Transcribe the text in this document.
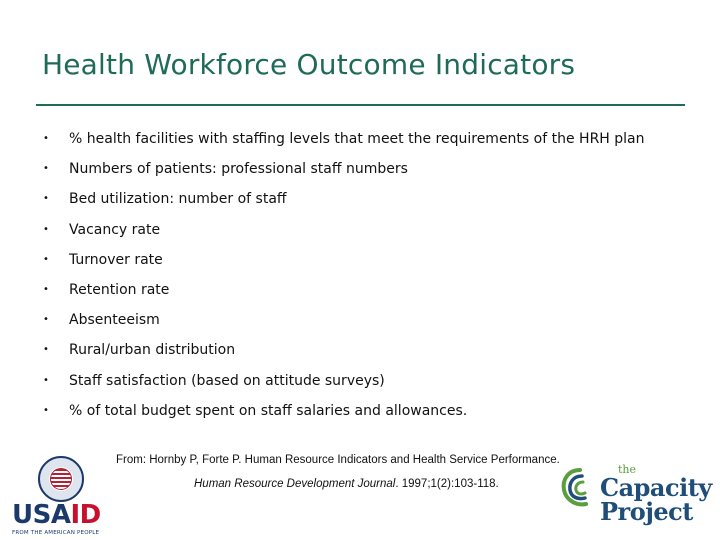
Health Workforce Outcome Indicators
• % health facilities with staffing levels that meet the requirements of the HRH plan
• Numbers of patients: professional staff numbers
• Bed utilization: number of staff
• Vacancy rate
• Turnover rate
• Retention rate
• Absenteeism
• Rural/urban distribution
• Staff satisfaction (based on attitude surveys)
• % of total budget spent on staff salaries and allowances.
From: Hornby P, Forte P. Human Resource Indicators and Health Service Performance.
Human Resource Development Journal. 1997;1(2):103-118.
USAID
FROM THE AMERICAN PEOPLE
the
Capacity
Project
